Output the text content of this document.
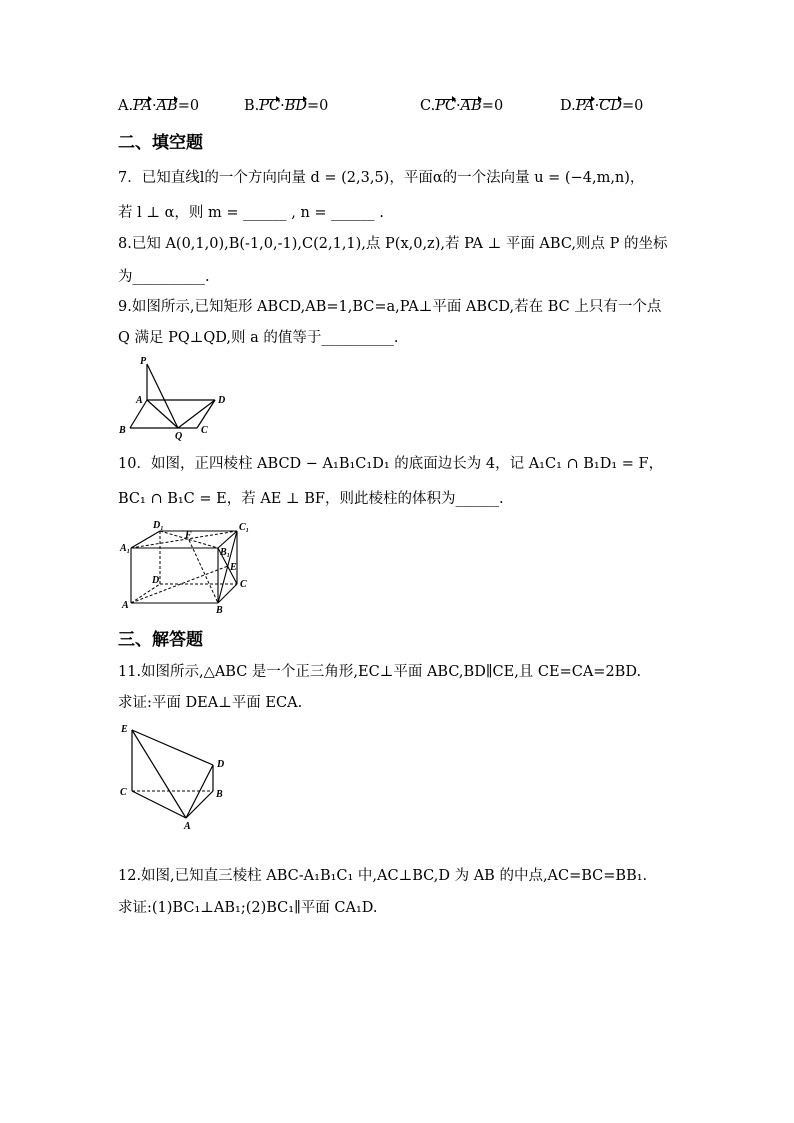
A.PA·AB=0	B.PC·BD=0	C.PC·AB=0	D.PA·CD=0
二、填空题
7．已知直线l的一个方向向量 d = (2,3,5)，平面α的一个法向量 u = (−4,m,n)，
若 l ⊥ α，则 m = ______ , n = ______ .
8.已知 A(0,1,0),B(-1,0,-1),C(2,1,1),点 P(x,0,z),若 PA ⊥ 平面 ABC,则点 P 的坐标
为__________.
9.如图所示,已知矩形 ABCD,AB=1,BC=a,PA⊥平面 ABCD,若在 BC 上只有一个点
Q 满足 PQ⊥QD,则 a 的值等于__________.
P
A	D
B
Q
C
10．如图，正四棱柱 ABCD − A₁B₁C₁D₁ 的底面边长为 4，记 A₁C₁ ∩ B₁D₁ = F，
BC₁ ∩ B₁C = E，若 AE ⊥ BF，则此棱柱的体积为______.
D₁	C₁
A₁	B₁
F
E
D	C
A	B
三、解答题
11.如图所示,△ABC 是一个正三角形,EC⊥平面 ABC,BD∥CE,且 CE=CA=2BD.
求证:平面 DEA⊥平面 ECA.
E
D
C	B
A
12.如图,已知直三棱柱 ABC-A₁B₁C₁ 中,AC⊥BC,D 为 AB 的中点,AC=BC=BB₁.
求证:(1)BC₁⊥AB₁;(2)BC₁∥平面 CA₁D.
